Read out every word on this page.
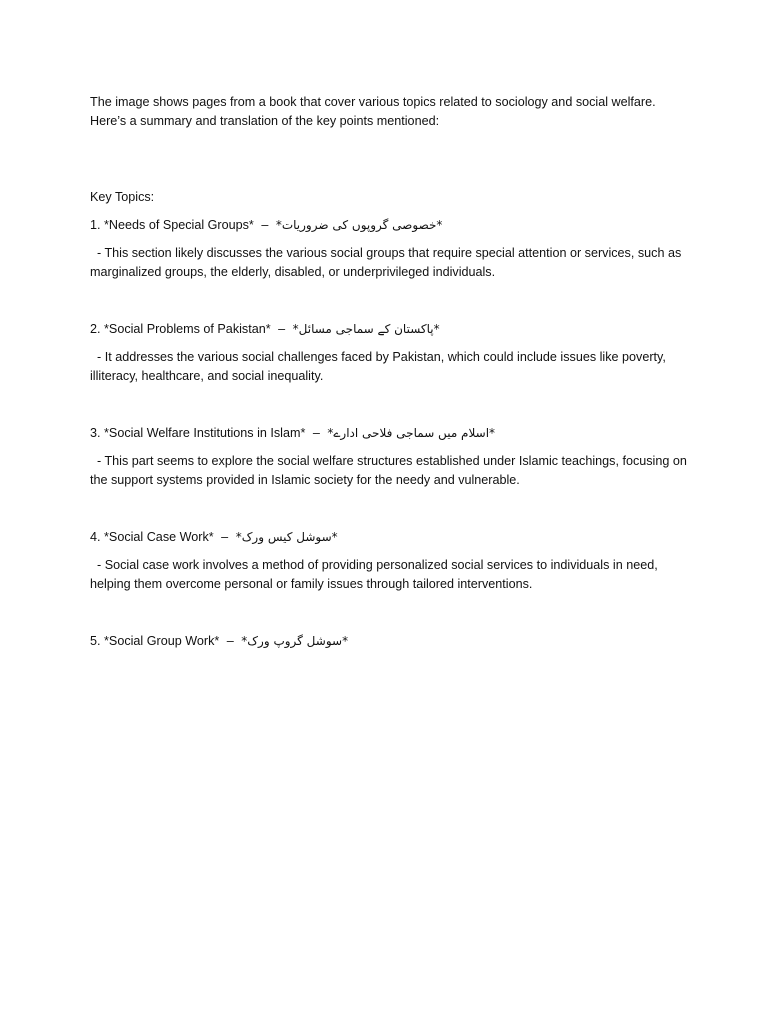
The image shows pages from a book that cover various topics related to sociology and social welfare. Here’s a summary and translation of the key points mentioned:

Key Topics:

1. *Needs of Special Groups* – *خصوصی گروپوں کی ضروریات*

- This section likely discusses the various social groups that require special attention or services, such as marginalized groups, the elderly, disabled, or underprivileged individuals.

2. *Social Problems of Pakistan* – *پاکستان کے سماجی مسائل*

- It addresses the various social challenges faced by Pakistan, which could include issues like poverty, illiteracy, healthcare, and social inequality.

3. *Social Welfare Institutions in Islam* – *اسلام میں سماجی فلاحی ادارے*

- This part seems to explore the social welfare structures established under Islamic teachings, focusing on the support systems provided in Islamic society for the needy and vulnerable.

4. *Social Case Work* – *سوشل کیس ورک*

- Social case work involves a method of providing personalized social services to individuals in need, helping them overcome personal or family issues through tailored interventions.

5. *Social Group Work* – *سوشل گروپ ورک*
